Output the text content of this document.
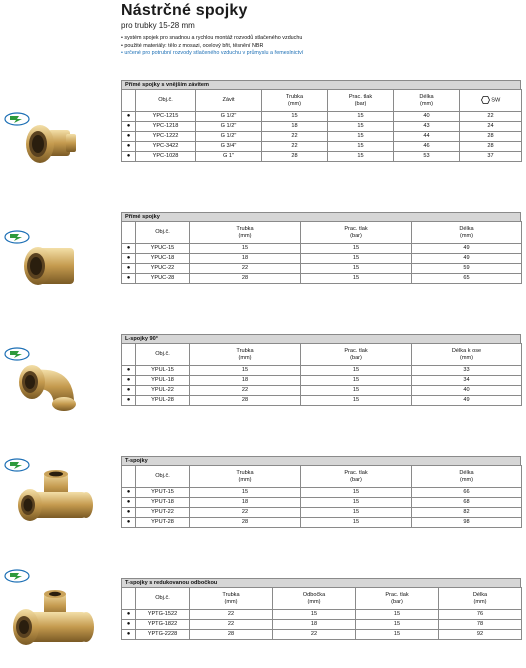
Nástrčné spojky
pro trubky 15-28 mm
• systém spojek pro snadnou a rychlou montáž rozvodů stlačeného vzduchu
• použité materiály: tělo z mosazi, ocelový břit, těsnění NBR
• určené pro potrubní rozvody stlačeného vzduchu v průmyslu a řemeslnictví
Přímé spojky s vnějším závitem
	Obj.č.	Závit	Trubka
(mm)	Prac. tlak
(bar)	Délka
(mm)	SW
●	YPC-1215	G 1/2"	15	15	40	22
●	YPC-1218	G 1/2"	18	15	43	24
●	YPC-1222	G 1/2"	22	15	44	28
●	YPC-3422	G 3/4"	22	15	46	28
●	YPC-1028	G 1"	28	15	53	37
Přímé spojky
	Obj.č.	Trubka
(mm)	Prac. tlak
(bar)	Délka
(mm)
●	YPUC-15	15	15	49
●	YPUC-18	18	15	49
●	YPUC-22	22	15	59
●	YPUC-28	28	15	65
L-spojky 90°
	Obj.č.	Trubka
(mm)	Prac. tlak
(bar)	Délka k ose
(mm)
●	YPUL-15	15	15	33
●	YPUL-18	18	15	34
●	YPUL-22	22	15	40
●	YPUL-28	28	15	49
T-spojky
	Obj.č.	Trubka
(mm)	Prac. tlak
(bar)	Délka
(mm)
●	YPUT-15	15	15	66
●	YPUT-18	18	15	68
●	YPUT-22	22	15	82
●	YPUT-28	28	15	98
T-spojky s redukovanou odbočkou
	Obj.č.	Trubka
(mm)	Odbočka
(mm)	Prac. tlak
(bar)	Délka
(mm)
●	YPTG-1522	22	15	15	76
●	YPTG-1822	22	18	15	78
●	YPTG-2228	28	22	15	92
